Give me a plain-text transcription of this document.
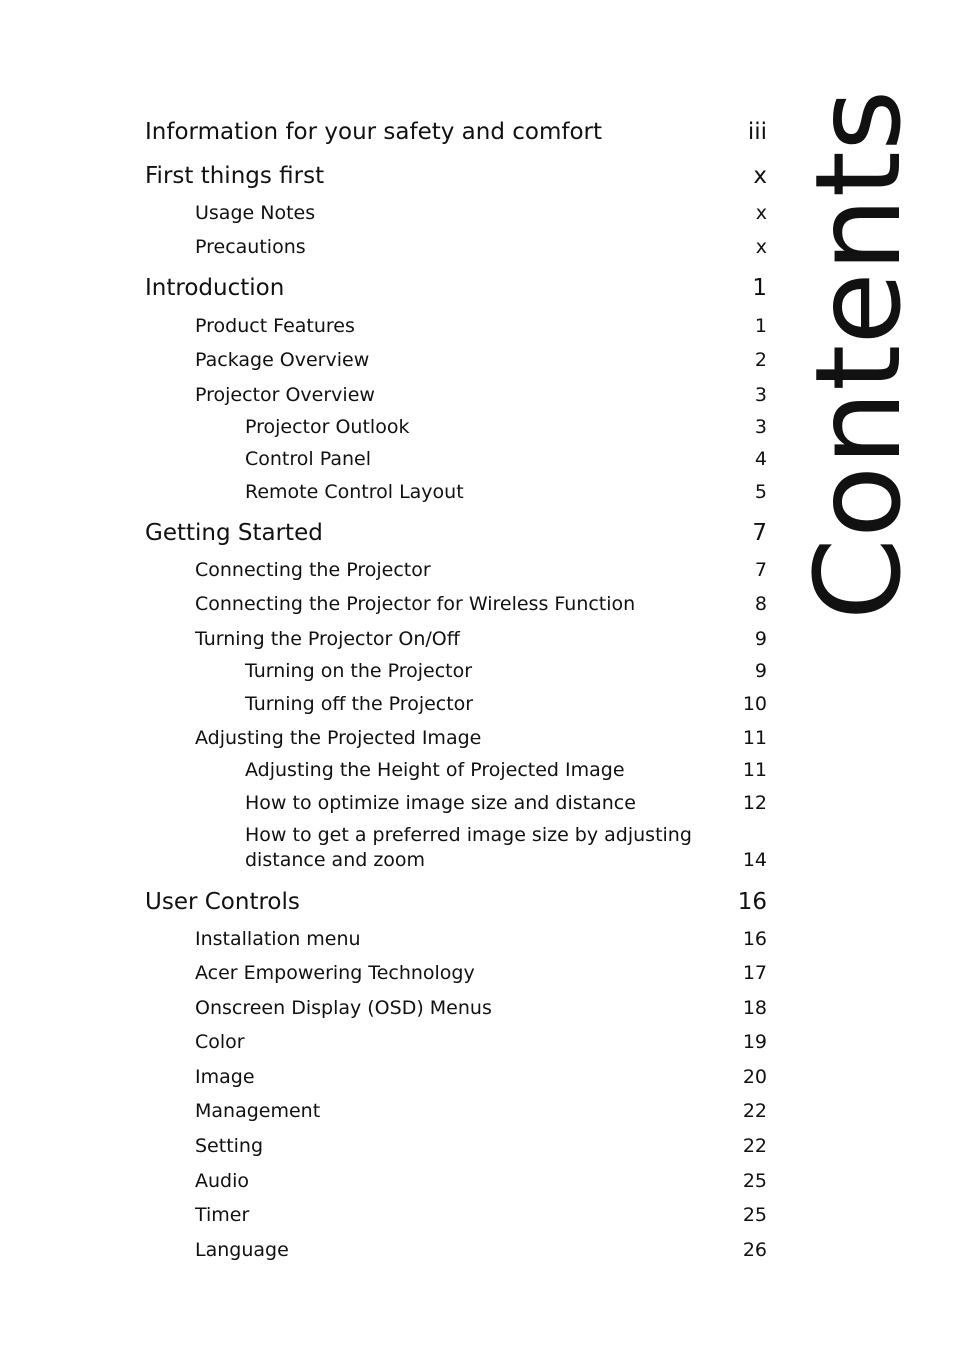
Contents
Information for your safety and comfort	iii
First things first	x
Usage Notes	x
Precautions	x
Introduction	1
Product Features	1
Package Overview	2
Projector Overview	3
Projector Outlook	3
Control Panel	4
Remote Control Layout	5
Getting Started	7
Connecting the Projector	7
Connecting the Projector for Wireless Function	8
Turning the Projector On/Off	9
Turning on the Projector	9
Turning off the Projector	10
Adjusting the Projected Image	11
Adjusting the Height of Projected Image	11
How to optimize image size and distance	12
How to get a preferred image size by adjusting
distance and zoom	14
User Controls	16
Installation menu	16
Acer Empowering Technology	17
Onscreen Display (OSD) Menus	18
Color	19
Image	20
Management	22
Setting	22
Audio	25
Timer	25
Language	26
